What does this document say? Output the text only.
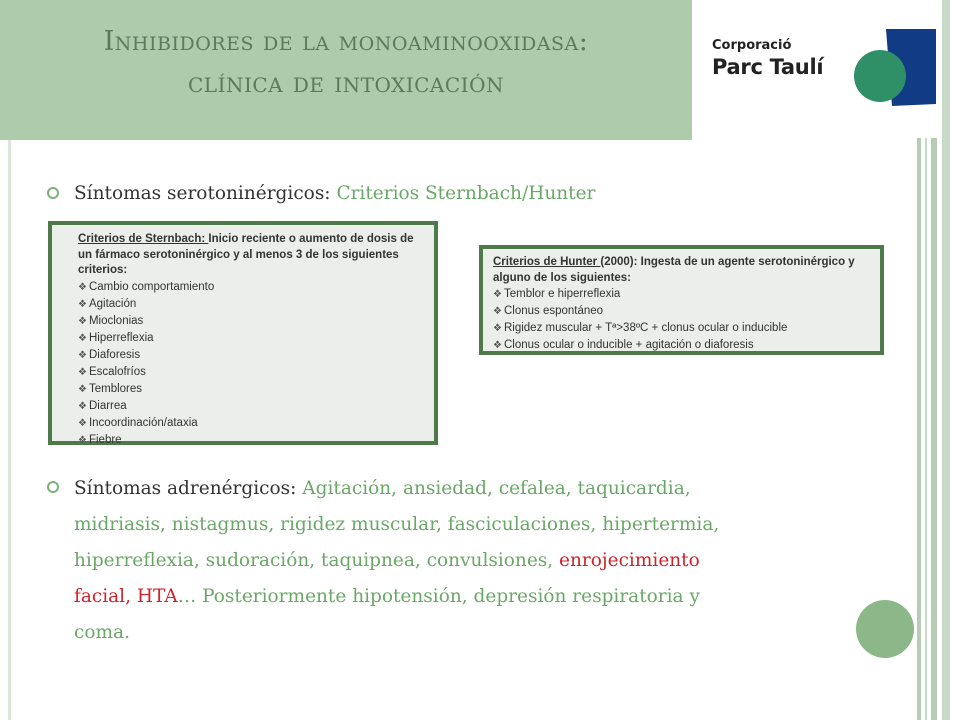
Inhibidores de la monoaminooxidasa:
clínica de intoxicación
Corporació
Parc Taulí
Síntomas serotoninérgicos: Criterios Sternbach/Hunter
Criterios de Sternbach: Inicio reciente o aumento de dosis de un fármaco serotoninérgico y al menos 3 de los siguientes criterios:
❖ Cambio comportamiento
❖ Agitación
❖ Mioclonias
❖ Hiperreflexia
❖ Diaforesis
❖ Escalofríos
❖ Temblores
❖ Diarrea
❖ Incoordinación/ataxia
❖ Fiebre
Criterios de Hunter (2000): Ingesta de un agente serotoninérgico y alguno de los siguientes:
❖ Temblor e hiperreflexia
❖ Clonus espontáneo
❖ Rigidez muscular + Tª>38ºC + clonus ocular o inducible
❖ Clonus ocular o inducible + agitación o diaforesis
Síntomas adrenérgicos: Agitación, ansiedad, cefalea, taquicardia,
midriasis, nistagmus, rigidez muscular, fasciculaciones, hipertermia,
hiperreflexia, sudoración, taquipnea, convulsiones, enrojecimiento
facial, HTA… Posteriormente hipotensión, depresión respiratoria y
coma.
